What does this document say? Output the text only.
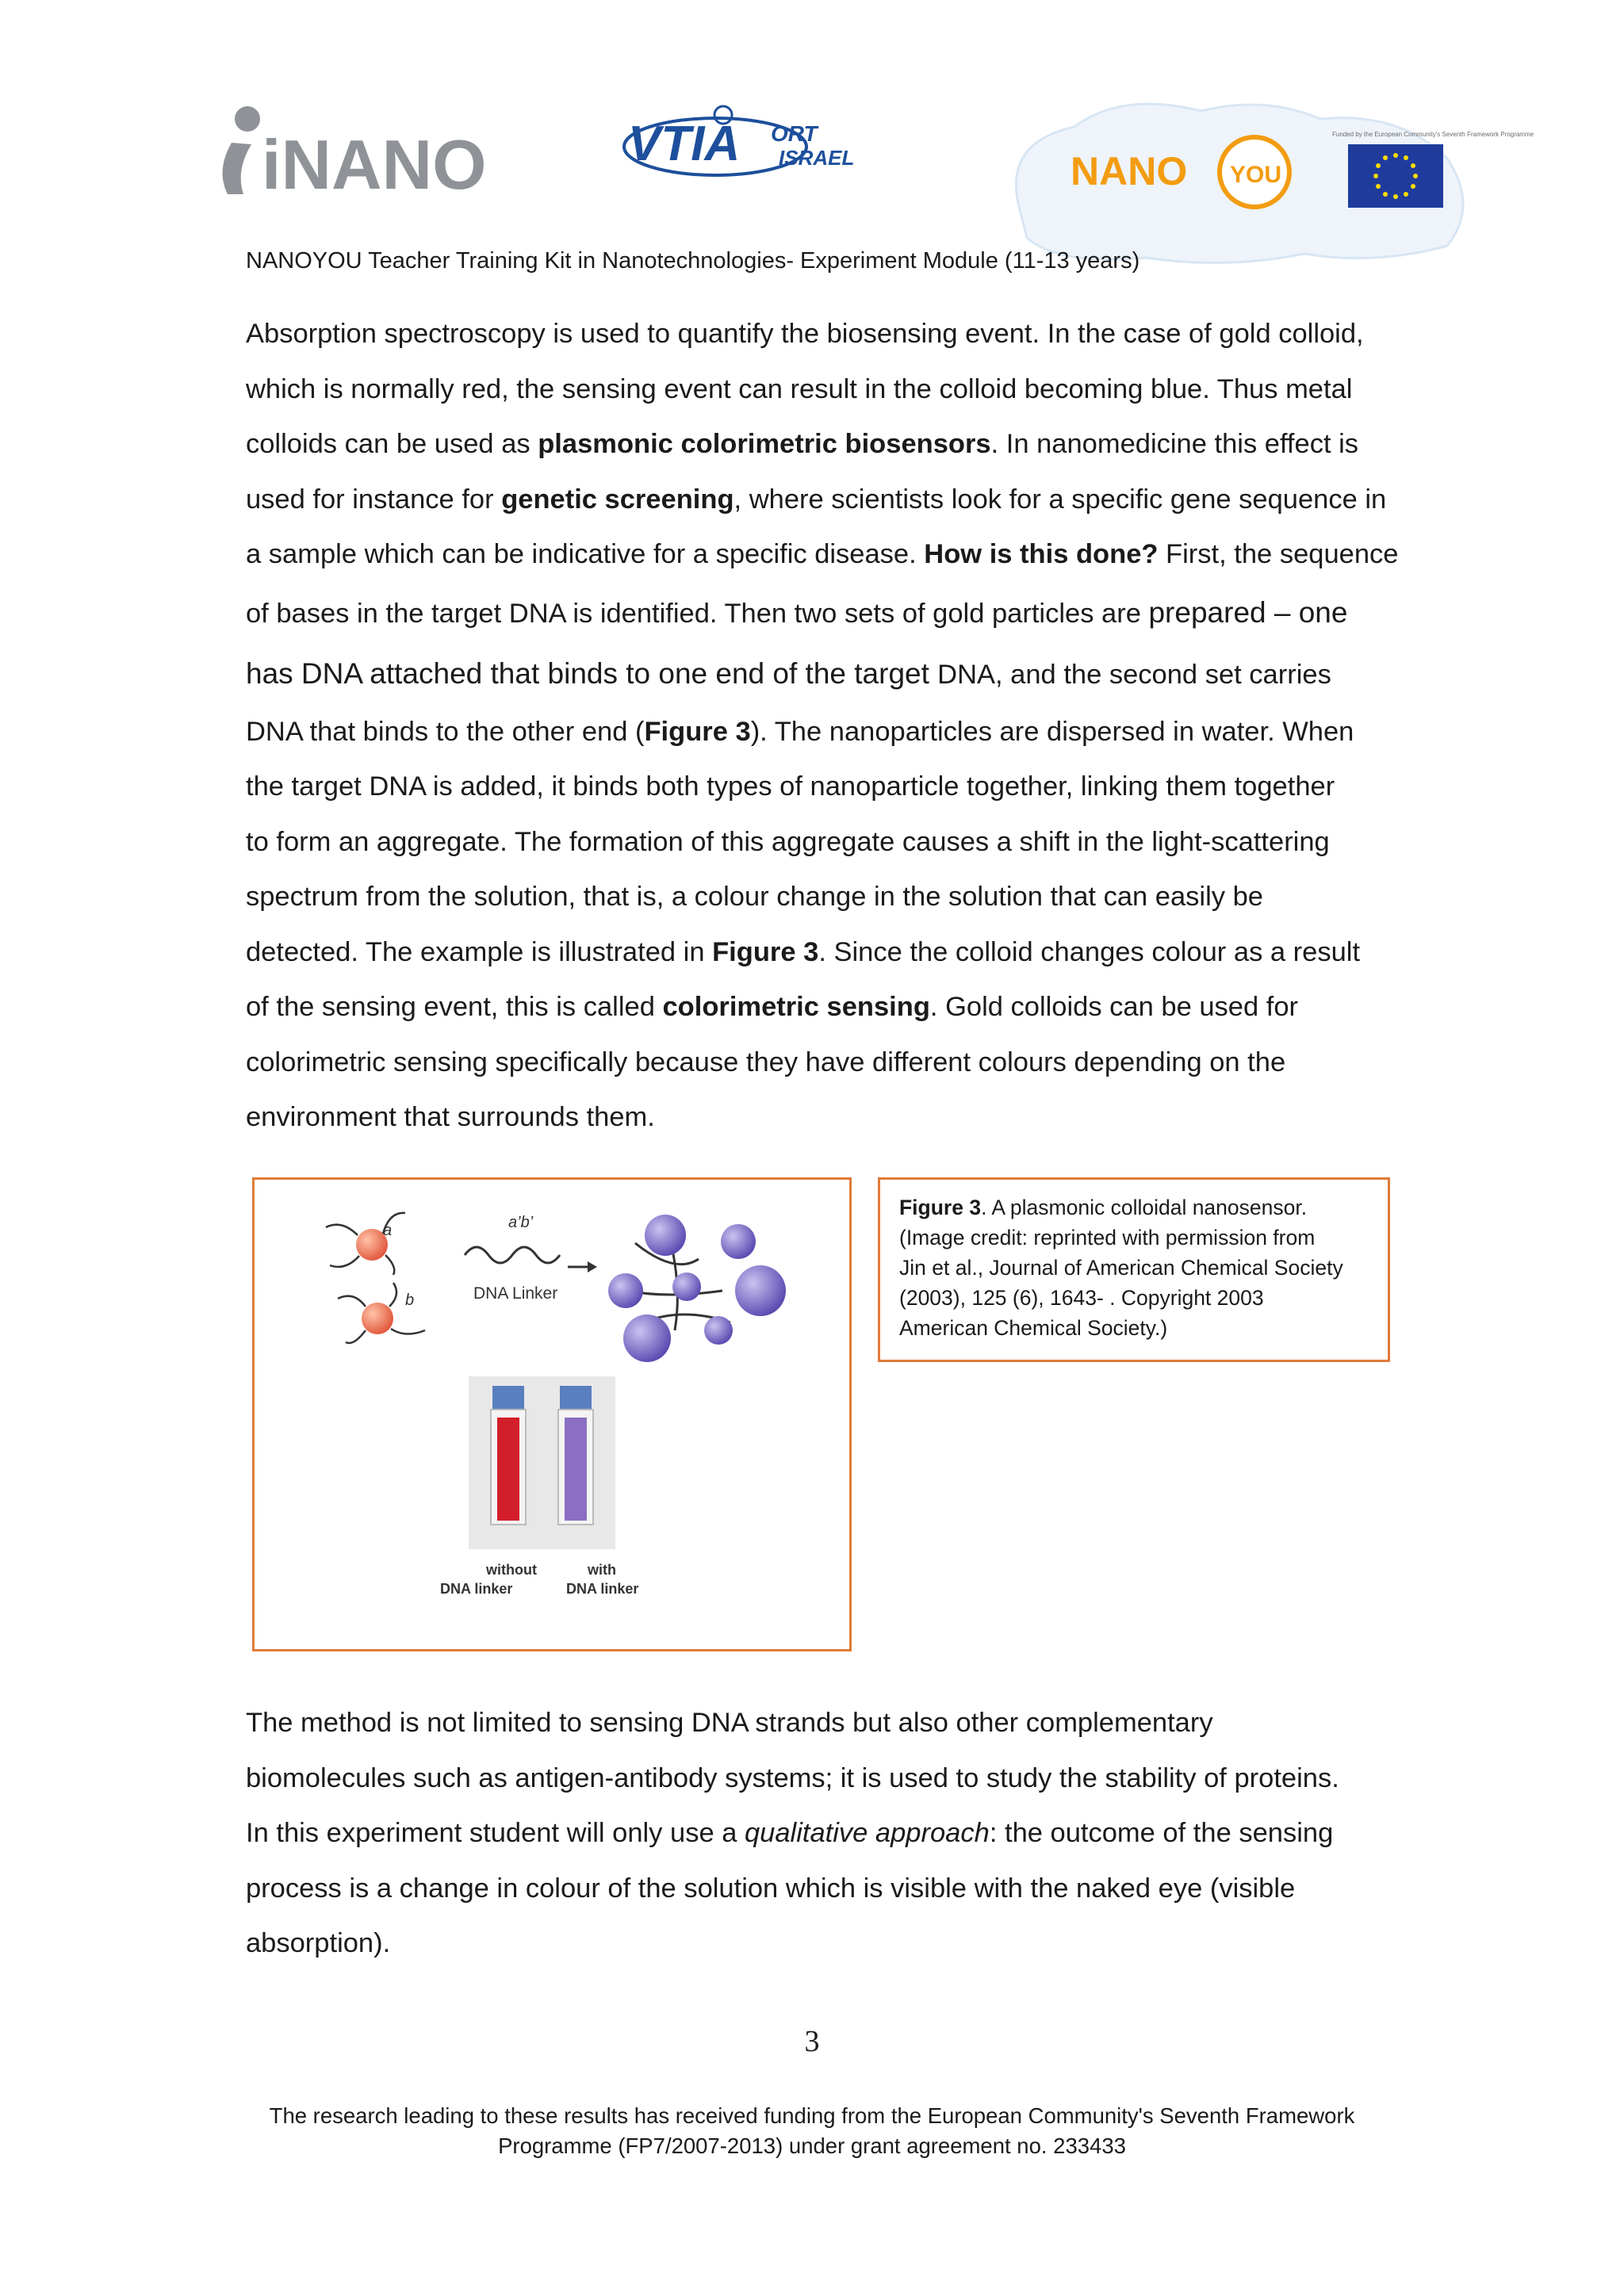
iNANO	VTIA ORT
ISRAEL	NANO YOU
Funded by the European Community's Seventh Framework Programme
NANOYOU Teacher Training Kit in Nanotechnologies- Experiment Module (11-13 years)

Absorption spectroscopy is used to quantify the biosensing event. In the case of gold colloid,

which is normally red, the sensing event can result in the colloid becoming blue. Thus metal

colloids can be used as plasmonic colorimetric biosensors. In nanomedicine this effect is

used for instance for genetic screening, where scientists look for a specific gene sequence in

a sample which can be indicative for a specific disease. How is this done? First, the sequence

of bases in the target DNA is identified. Then two sets of gold particles are prepared – one

has DNA attached that binds to one end of the target DNA, and the second set carries

DNA that binds to the other end (Figure 3). The nanoparticles are dispersed in water. When

the target DNA is added, it binds both types of nanoparticle together, linking them together

to form an aggregate. The formation of this aggregate causes a shift in the light-scattering

spectrum from the solution, that is, a colour change in the solution that can easily be

detected. The example is illustrated in Figure 3. Since the colloid changes colour as a result

of the sensing event, this is called colorimetric sensing. Gold colloids can be used for

colorimetric sensing specifically because they have different colours depending on the

environment that surrounds them.

a
b
a’b’
DNA Linker
without
DNA linker
with
DNA linker
Figure 3. A plasmonic colloidal nanosensor.
(Image credit: reprinted with permission from
Jin et al., Journal of American Chemical Society
(2003), 125 (6), 1643- . Copyright 2003
American Chemical Society.)

The method is not limited to sensing DNA strands but also other complementary

biomolecules such as antigen-antibody systems; it is used to study the stability of proteins.

In this experiment student will only use a qualitative approach: the outcome of the sensing

process is a change in colour of the solution which is visible with the naked eye (visible

absorption).

3
The research leading to these results has received funding from the European Community's Seventh Framework
Programme (FP7/2007-2013) under grant agreement no. 233433
